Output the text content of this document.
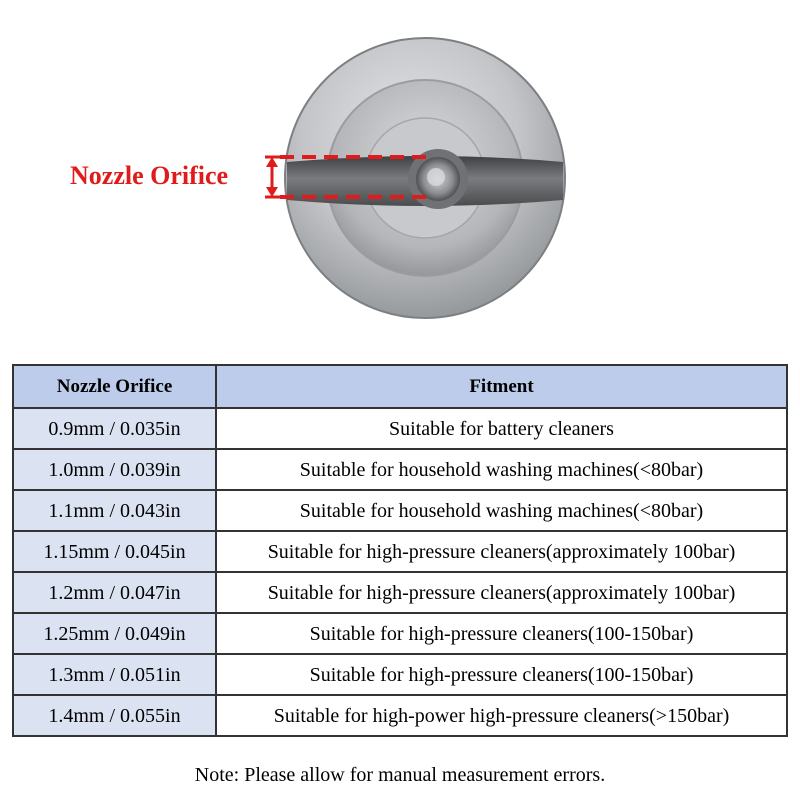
Nozzle Orifice
Nozzle Orifice	Fitment
0.9mm / 0.035in	Suitable for battery cleaners
1.0mm / 0.039in	Suitable for household washing machines(<80bar)
1.1mm / 0.043in	Suitable for household washing machines(<80bar)
1.15mm / 0.045in	Suitable for high-pressure cleaners(approximately 100bar)
1.2mm / 0.047in	Suitable for high-pressure cleaners(approximately 100bar)
1.25mm / 0.049in	Suitable for high-pressure cleaners(100-150bar)
1.3mm / 0.051in	Suitable for high-pressure cleaners(100-150bar)
1.4mm / 0.055in	Suitable for high-power high-pressure cleaners(>150bar)
Note: Please allow for manual measurement errors.
